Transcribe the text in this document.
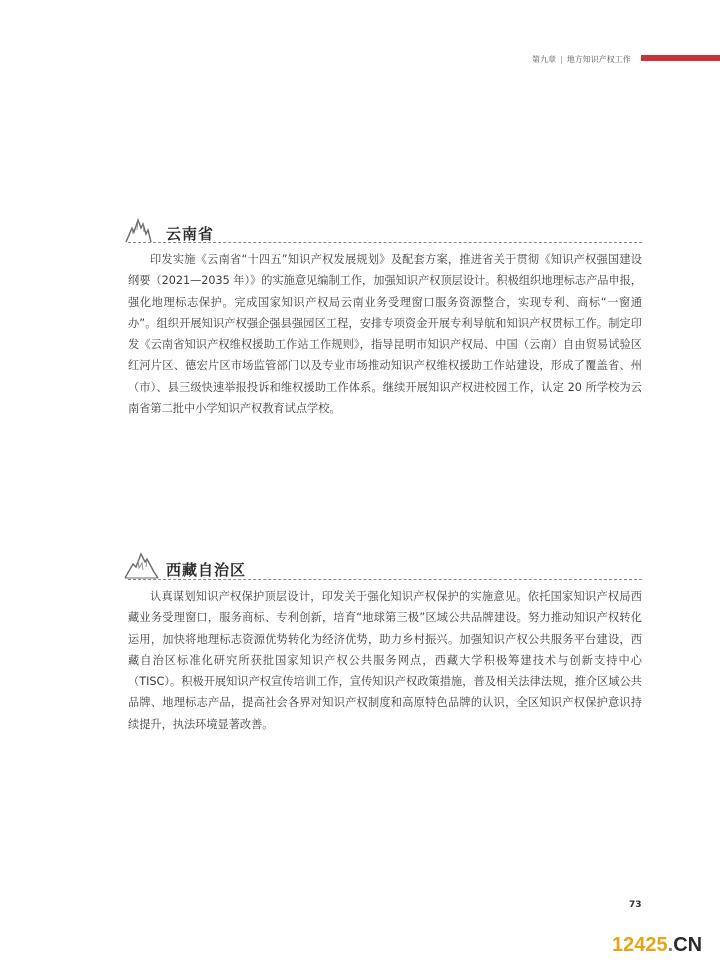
第九章 | 地方知识产权工作
云南省

印发实施《云南省“十四五”知识产权发展规划》及配套方案，推进省关于贯彻《知识产权强国建设纲要（2021—2035 年）》的实施意见编制工作，加强知识产权顶层设计。积极组织地理标志产品申报，强化地理标志保护。完成国家知识产权局云南业务受理窗口服务资源整合，实现专利、商标“一窗通办”。组织开展知识产权强企强县强园区工程，安排专项资金开展专利导航和知识产权贯标工作。制定印发《云南省知识产权维权援助工作站工作规则》，指导昆明市知识产权局、中国（云南）自由贸易试验区红河片区、德宏片区市场监管部门以及专业市场推动知识产权维权援助工作站建设，形成了覆盖省、州（市）、县三级快速举报投诉和维权援助工作体系。继续开展知识产权进校园工作，认定 20 所学校为云南省第二批中小学知识产权教育试点学校。

西藏自治区

认真谋划知识产权保护顶层设计，印发关于强化知识产权保护的实施意见。依托国家知识产权局西藏业务受理窗口，服务商标、专利创新，培育“地球第三极”区域公共品牌建设。努力推动知识产权转化运用，加快将地理标志资源优势转化为经济优势，助力乡村振兴。加强知识产权公共服务平台建设，西藏自治区标准化研究所获批国家知识产权公共服务网点，西藏大学积极筹建技术与创新支持中心（TISC）。积极开展知识产权宣传培训工作，宣传知识产权政策措施，普及相关法律法规，推介区域公共品牌、地理标志产品，提高社会各界对知识产权制度和高原特色品牌的认识，全区知识产权保护意识持续提升，执法环境显著改善。

73
12425.CN
